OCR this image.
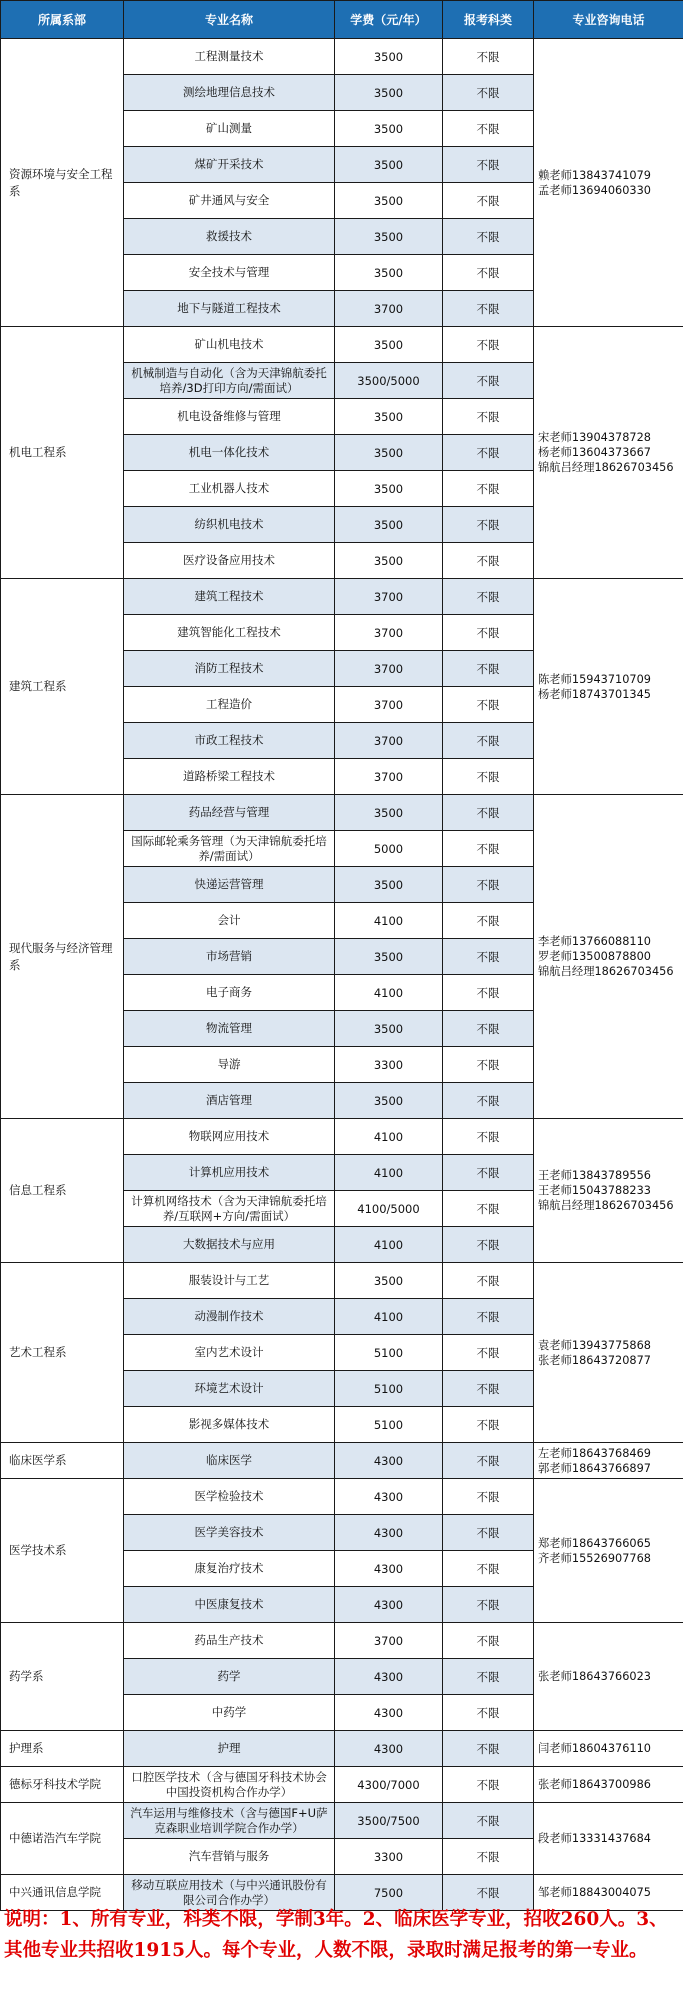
所属系部	专业名称	学费（元/年）	报考科类	专业咨询电话
资源环境与安全工程系	工程测量技术	3500	不限	赖老师13843741079
孟老师13694060330

	测绘地理信息技术	3500	不限	
	矿山测量	3500	不限	
	煤矿开采技术	3500	不限	
	矿井通风与安全	3500	不限	
	救援技术	3500	不限	
	安全技术与管理	3500	不限	
	地下与隧道工程技术	3700	不限	
机电工程系	矿山机电技术	3500	不限	宋老师13904378728
杨老师13604373667
锦航吕经理18626703456

	机械制造与自动化（含为天津锦航委托培养/3D打印方向/需面试）	3500/5000	不限	
	机电设备维修与管理	3500	不限	
	机电一体化技术	3500	不限	
	工业机器人技术	3500	不限	
	纺织机电技术	3500	不限	
	医疗设备应用技术	3500	不限	
建筑工程系	建筑工程技术	3700	不限	陈老师15943710709
杨老师18743701345

	建筑智能化工程技术	3700	不限	
	消防工程技术	3700	不限	
	工程造价	3700	不限	
	市政工程技术	3700	不限	
	道路桥梁工程技术	3700	不限	
现代服务与经济管理系	药品经营与管理	3500	不限	李老师13766088110
罗老师13500878800
锦航吕经理18626703456

	国际邮轮乘务管理（为天津锦航委托培养/需面试）	5000	不限	
	快递运营管理	3500	不限	
	会计	4100	不限	
	市场营销	3500	不限	
	电子商务	4100	不限	
	物流管理	3500	不限	
	导游	3300	不限	
	酒店管理	3500	不限	
信息工程系	物联网应用技术	4100	不限	王老师13843789556
王老师15043788233
锦航吕经理18626703456

	计算机应用技术	4100	不限	
	计算机网络技术（含为天津锦航委托培养/互联网+方向/需面试）	4100/5000	不限	
	大数据技术与应用	4100	不限	
艺术工程系	服装设计与工艺	3500	不限	袁老师13943775868
张老师18643720877

	动漫制作技术	4100	不限	
	室内艺术设计	5100	不限	
	环境艺术设计	5100	不限	
	影视多媒体技术	5100	不限	
临床医学系	临床医学	4300	不限	左老师18643768469
郭老师18643766897

医学技术系	医学检验技术	4300	不限	郑老师18643766065
齐老师15526907768

	医学美容技术	4300	不限	
	康复治疗技术	4300	不限	
	中医康复技术	4300	不限	
药学系	药品生产技术	3700	不限	张老师18643766023

	药学	4300	不限	
	中药学	4300	不限	
护理系	护理	4300	不限	闫老师18604376110

德标牙科技术学院	口腔医学技术（含与德国牙科技术协会中国投资机构合作办学）	4300/7000	不限	张老师18643700986

中德诺浩汽车学院	汽车运用与维修技术（含与德国F+U萨克森职业培训学院合作办学）	3500/7500	不限	段老师13331437684

	汽车营销与服务	3300	不限	
中兴通讯信息学院	移动互联应用技术（与中兴通讯股份有限公司合作办学）	7500	不限	邹老师18843004075
说明：1、所有专业，科类不限，学制3年。2、临床医学专业，招收260人。3、其他专业共招收1915人。每个专业，人数不限，录取时满足报考的第一专业。
